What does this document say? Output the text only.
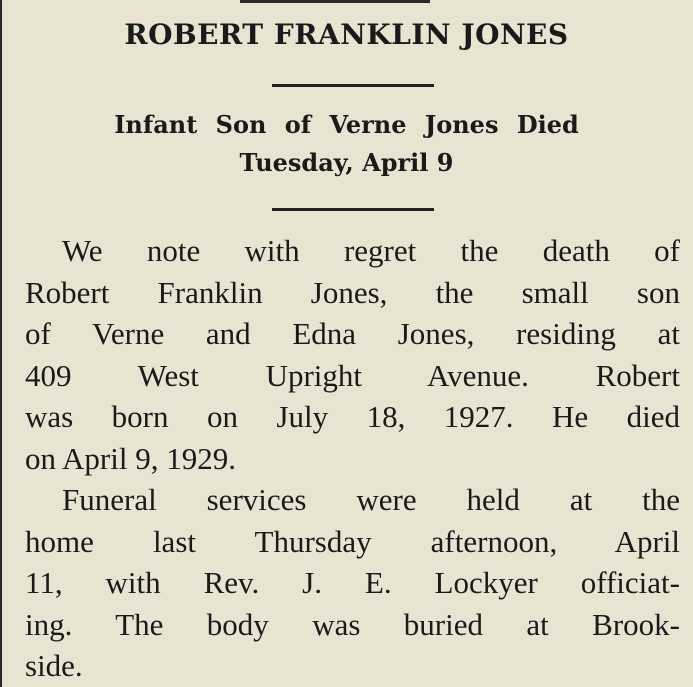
ROBERT FRANKLIN JONES
Infant Son of Verne Jones Died
Tuesday, April 9

We note with regret the death of
Robert Franklin Jones, the small son
of Verne and Edna Jones, residing at
409 West Upright Avenue. Robert
was born on July 18, 1927. He died
on April 9, 1929.

Funeral services were held at the
home last Thursday afternoon, April
11, with Rev. J. E. Lockyer officiat-
ing. The body was buried at Brook-
side.
